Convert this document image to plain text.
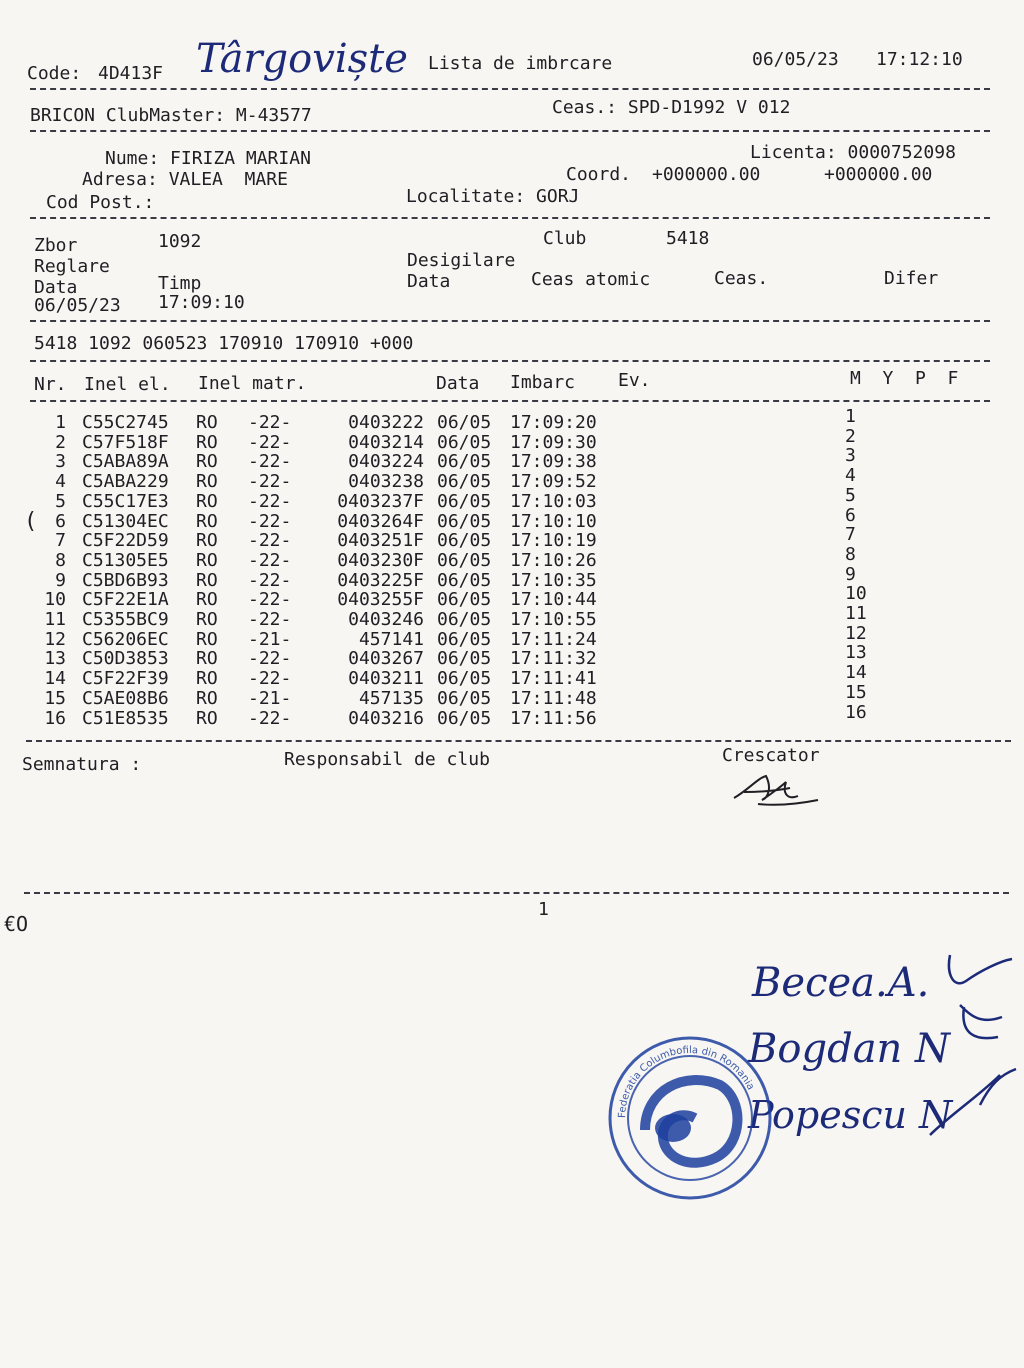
Code: 4D413F Târgoviște Lista de imbrcare	06/05/23 17:12:10
BRICON ClubMaster: M-43577	Ceas.: SPD-D1992 V 012
Nume: FIRIZA MARIAN
Adresa: VALEA  MARE
Cod Post.:
Licenta: 0000752098
Coord. +000000.00	+000000.00
Localitate: GORJ
Zbor	1092	Club	5418
Reglare	Desigilare
Data	Timp	Data	Ceas atomic	Ceas.	Difer
06/05/23 17:09:10
5418 1092 060523 170910 170910 +000
Nr. Inel el. Inel matr.	Data Imbarc Ev.	M  Y  P  F
1 C55C2745 RO -22-	0403222 06/05 17:09:20	1
2 C57F518F RO -22-	0403214 06/05 17:09:30	2
3 C5ABA89A RO -22-	0403224 06/05 17:09:38	3
4 C5ABA229 RO -22-	0403238 06/05 17:09:52	4
5 C55C17E3 RO -22-	0403237F 06/05 17:10:03	5
6 C51304EC RO -22-	0403264F 06/05 17:10:10	6
7 C5F22D59 RO -22-	0403251F 06/05 17:10:19	7
8 C51305E5 RO -22-	0403230F 06/05 17:10:26	8
9 C5BD6B93 RO -22-	0403225F 06/05 17:10:35	9
10 C5F22E1A RO -22-	0403255F 06/05 17:10:44	10
11 C5355BC9 RO -22-	0403246 06/05 17:10:55	11
12 C56206EC RO -21-	457141 06/05 17:11:24	12
13 C50D3853 RO -22-	0403267 06/05 17:11:32	13
14 C5F22F39 RO -22-	0403211 06/05 17:11:41	14
15 C5AE08B6 RO -21-	457135 06/05 17:11:48	15
16 C51E8535 RO -22-	0403216 06/05 17:11:56	16
(
Semnatura :	Responsabil de club	Crescator
1
€O
Becea.A.
Bogdan N
Popescu N
Federatia Columbofila din Romania
